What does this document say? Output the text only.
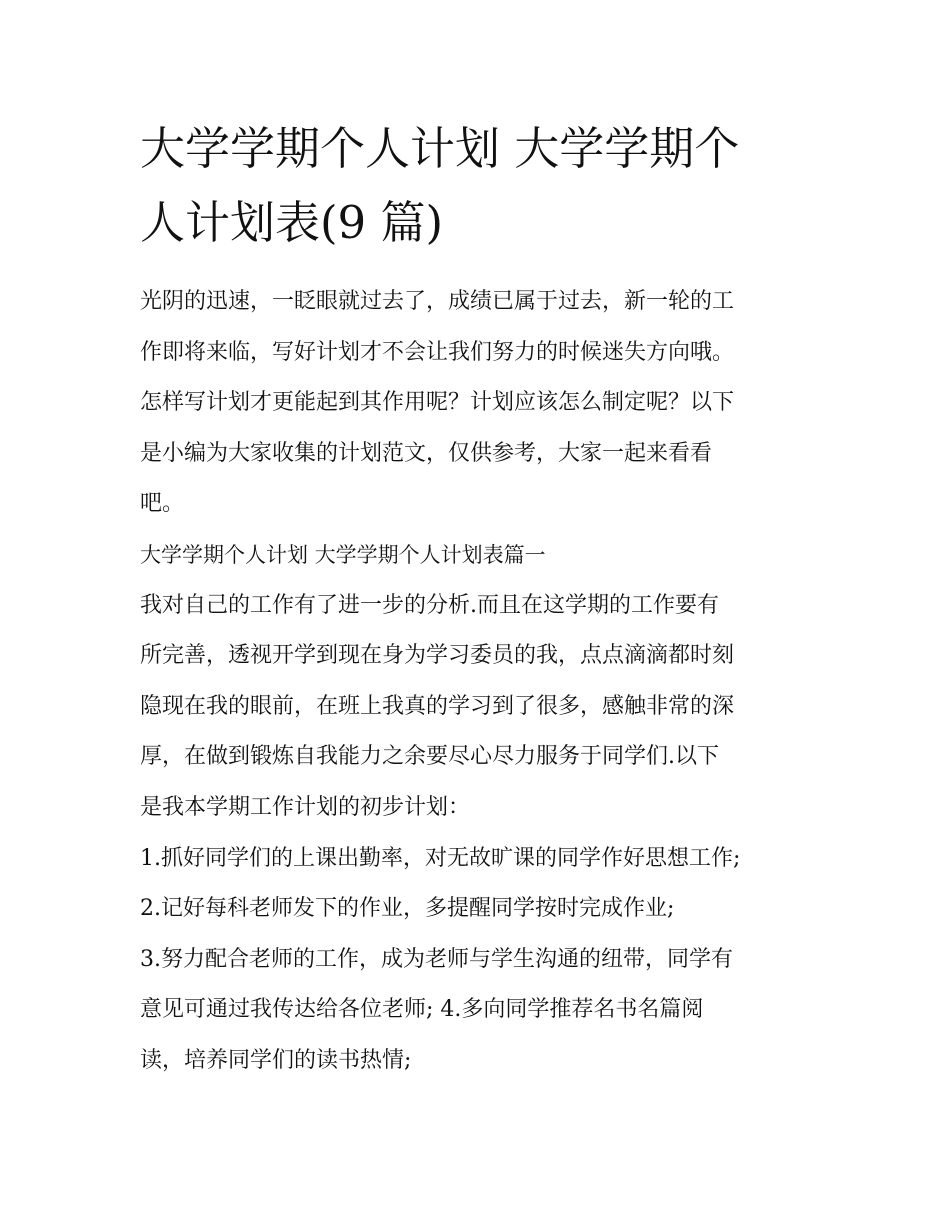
大学学期个人计划 大学学期个
人计划表(9 篇)
光阴的迅速，一眨眼就过去了，成绩已属于过去，新一轮的工
作即将来临，写好计划才不会让我们努力的时候迷失方向哦。
怎样写计划才更能起到其作用呢？计划应该怎么制定呢？以下
是小编为大家收集的计划范文，仅供参考，大家一起来看看
吧。
大学学期个人计划 大学学期个人计划表篇一
我对自己的工作有了进一步的分析.而且在这学期的工作要有
所完善，透视开学到现在身为学习委员的我，点点滴滴都时刻
隐现在我的眼前，在班上我真的学习到了很多，感触非常的深
厚，在做到锻炼自我能力之余要尽心尽力服务于同学们.以下
是我本学期工作计划的初步计划：
1.抓好同学们的上课出勤率，对无故旷课的同学作好思想工作;
2.记好每科老师发下的作业，多提醒同学按时完成作业;
3.努力配合老师的工作，成为老师与学生沟通的纽带，同学有
意见可通过我传达给各位老师; 4.多向同学推荐名书名篇阅
读，培养同学们的读书热情;
